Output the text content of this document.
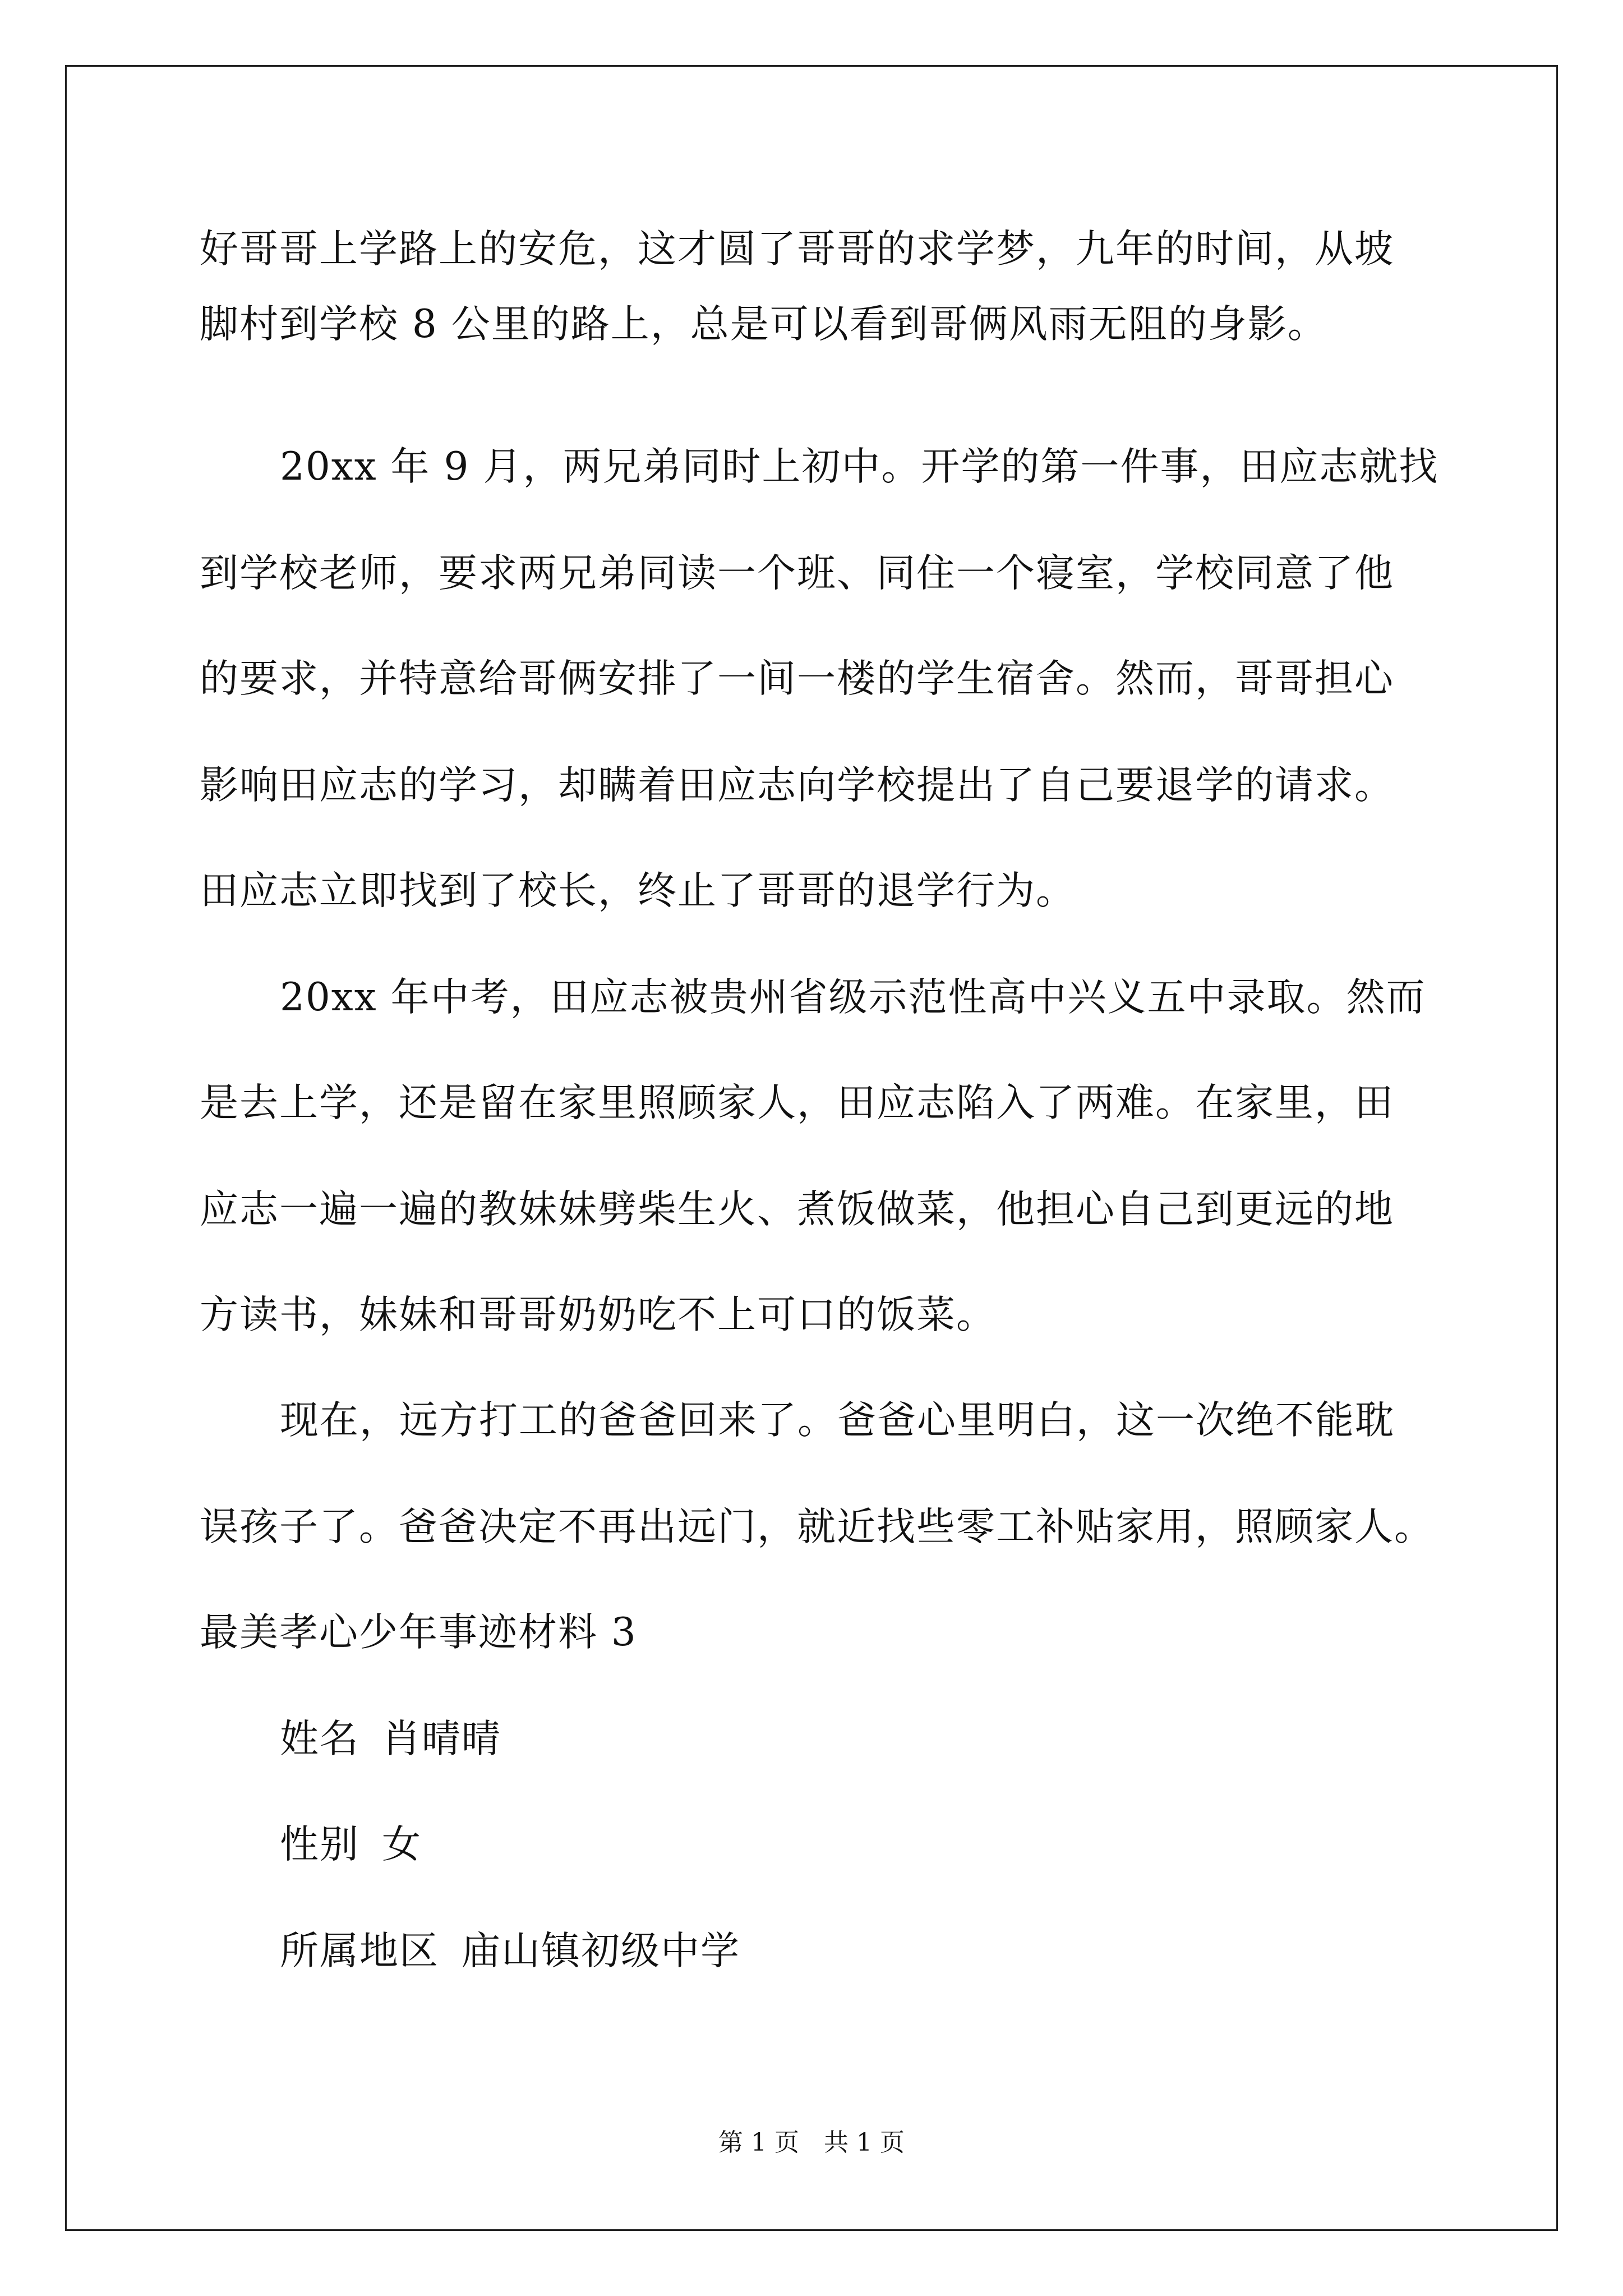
好哥哥上学路上的安危，这才圆了哥哥的求学梦，九年的时间，从坡
脚村到学校 8 公里的路上，总是可以看到哥俩风雨无阻的身影。
20xx 年 9 月，两兄弟同时上初中。开学的第一件事，田应志就找
到学校老师，要求两兄弟同读一个班、同住一个寝室，学校同意了他
的要求，并特意给哥俩安排了一间一楼的学生宿舍。然而，哥哥担心
影响田应志的学习，却瞒着田应志向学校提出了自己要退学的请求。
田应志立即找到了校长，终止了哥哥的退学行为。
20xx 年中考，田应志被贵州省级示范性高中兴义五中录取。然而
是去上学，还是留在家里照顾家人，田应志陷入了两难。在家里，田
应志一遍一遍的教妹妹劈柴生火、煮饭做菜，他担心自己到更远的地
方读书，妹妹和哥哥奶奶吃不上可口的饭菜。
现在，远方打工的爸爸回来了。爸爸心里明白，这一次绝不能耽
误孩子了。爸爸决定不再出远门，就近找些零工补贴家用，照顾家人。
最美孝心少年事迹材料 3
姓名 肖晴晴
性别 女
所属地区 庙山镇初级中学
第 1 页 共 1 页
